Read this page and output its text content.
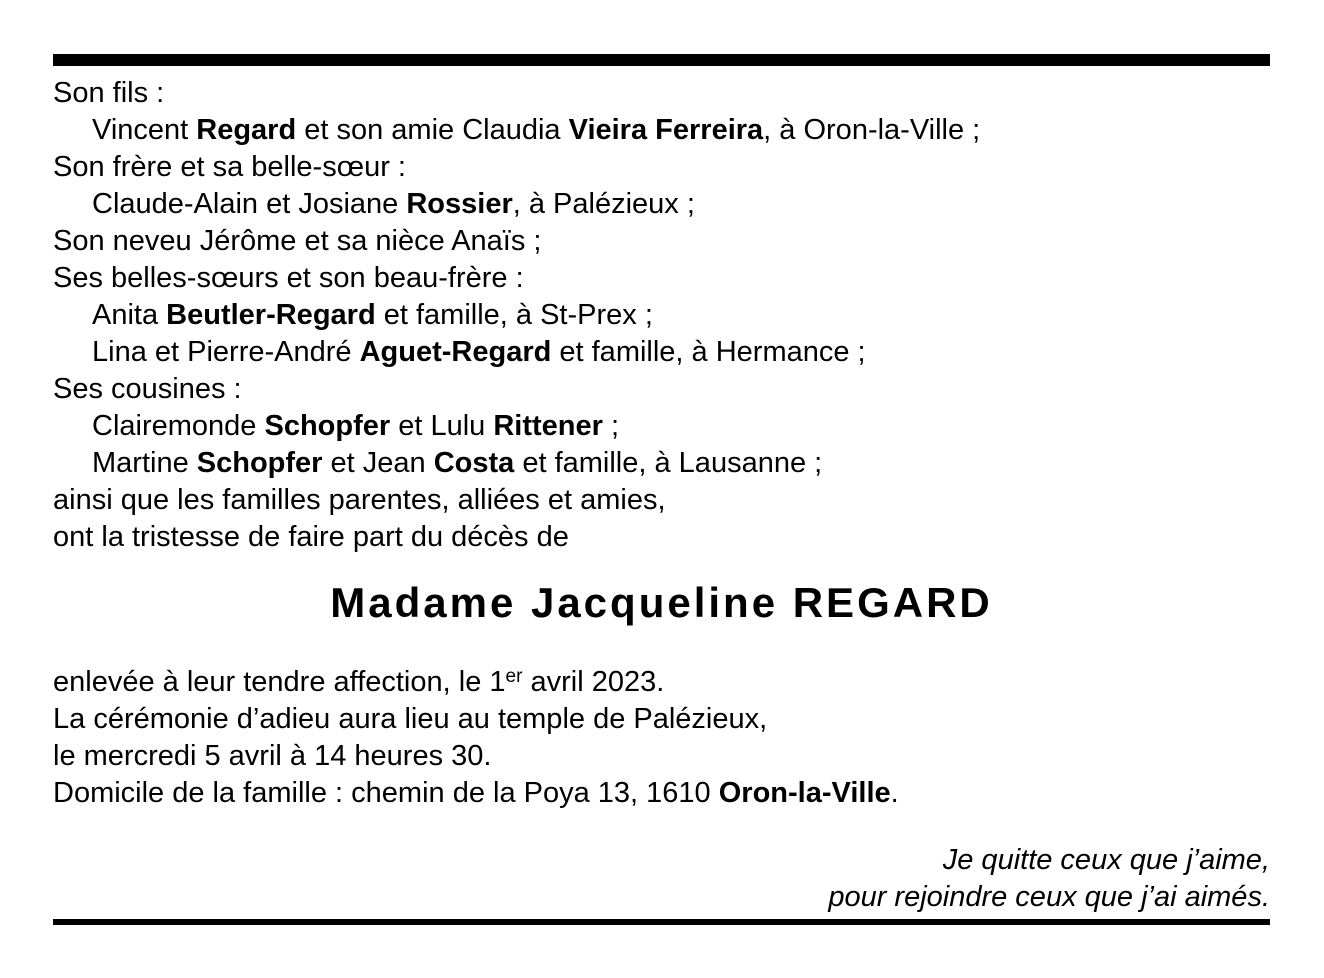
Son fils :
Vincent Regard et son amie Claudia Vieira Ferreira, à Oron-la-Ville ;
Son frère et sa belle-sœur :
Claude-Alain et Josiane Rossier, à Palézieux ;
Son neveu Jérôme et sa nièce Anaïs ;
Ses belles-sœurs et son beau-frère :
Anita Beutler-Regard et famille, à St-Prex ;
Lina et Pierre-André Aguet-Regard et famille, à Hermance ;
Ses cousines :
Clairemonde Schopfer et Lulu Rittener ;
Martine Schopfer et Jean Costa et famille, à Lausanne ;
ainsi que les familles parentes, alliées et amies,
ont la tristesse de faire part du décès de
Madame Jacqueline REGARD
enlevée à leur tendre affection, le 1er avril 2023.
La cérémonie d’adieu aura lieu au temple de Palézieux,
le mercredi 5 avril à 14 heures 30.
Domicile de la famille : chemin de la Poya 13, 1610 Oron-la-Ville.
Je quitte ceux que j’aime,
pour rejoindre ceux que j’ai aimés.
